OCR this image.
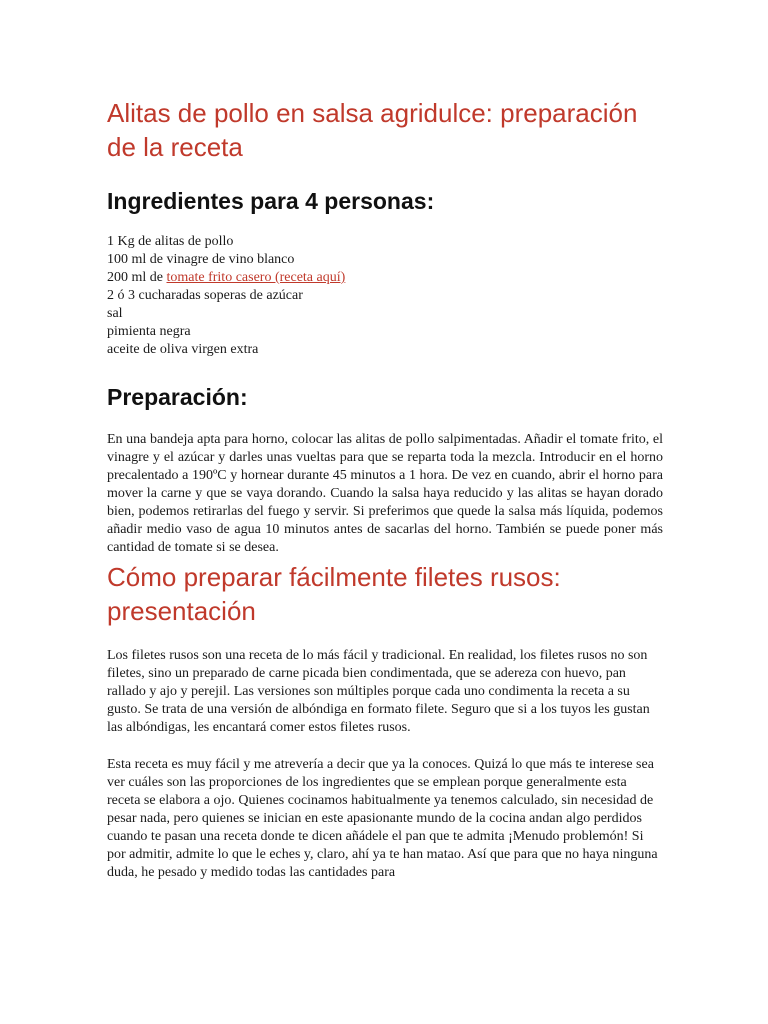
Alitas de pollo en salsa agridulce: preparación de la receta
Ingredientes para 4 personas:
1 Kg de alitas de pollo
100 ml de vinagre de vino blanco
200 ml de tomate frito casero (receta aquí)
2 ó 3 cucharadas soperas de azúcar
sal
pimienta negra
aceite de oliva virgen extra
Preparación:

En una bandeja apta para horno, colocar las alitas de pollo salpimentadas. Añadir el tomate frito, el vinagre y el azúcar y darles unas vueltas para que se reparta toda la mezcla. Introducir en el horno precalentado a 190ºC y hornear durante 45 minutos a 1 hora. De vez en cuando, abrir el horno para mover la carne y que se vaya dorando. Cuando la salsa haya reducido y las alitas se hayan dorado bien, podemos retirarlas del fuego y servir. Si preferimos que quede la salsa más líquida, podemos añadir medio vaso de agua 10 minutos antes de sacarlas del horno. También se puede poner más cantidad de tomate si se desea.

Cómo preparar fácilmente filetes rusos: presentación

Los filetes rusos son una receta de lo más fácil y tradicional. En realidad, los filetes rusos no son filetes, sino un preparado de carne picada bien condimentada, que se adereza con huevo, pan rallado y ajo y perejil. Las versiones son múltiples porque cada uno condimenta la receta a su gusto. Se trata de una versión de albóndiga en formato filete. Seguro que si a los tuyos les gustan las albóndigas, les encantará comer estos filetes rusos.

Esta receta es muy fácil y me atrevería a decir que ya la conoces. Quizá lo que más te interese sea ver cuáles son las proporciones de los ingredientes que se emplean porque generalmente esta receta se elabora a ojo. Quienes cocinamos habitualmente ya tenemos calculado, sin necesidad de pesar nada, pero quienes se inician en este apasionante mundo de la cocina andan algo perdidos cuando te pasan una receta donde te dicen añádele el pan que te admita ¡Menudo problemón! Si por admitir, admite lo que le eches y, claro, ahí ya te han matao. Así que para que no haya ninguna duda, he pesado y medido todas las cantidades para
